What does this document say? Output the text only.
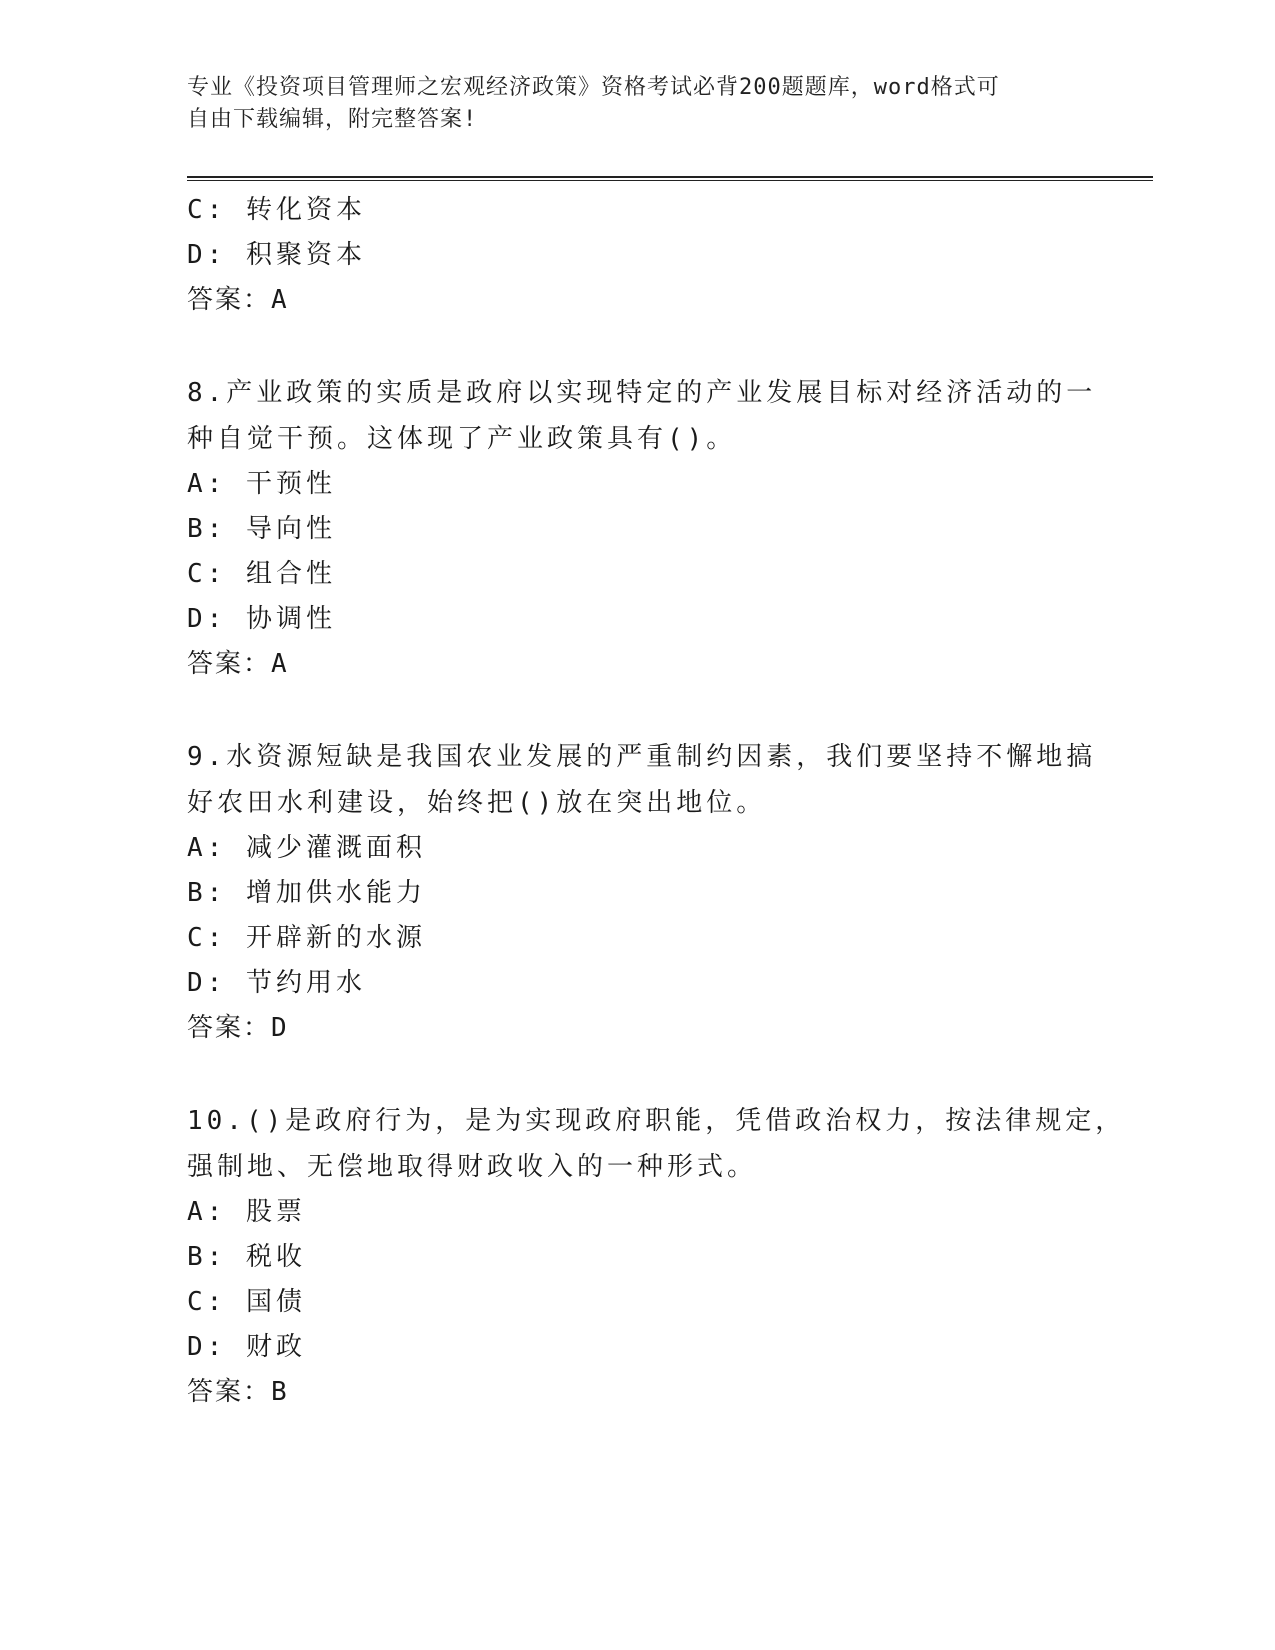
专业《投资项目管理师之宏观经济政策》资格考试必背200题题库，word格式可
自由下载编辑，附完整答案!
C: 转化资本
D: 积聚资本
答案：A
8.产业政策的实质是政府以实现特定的产业发展目标对经济活动的一
种自觉干预。这体现了产业政策具有()。
A: 干预性
B: 导向性
C: 组合性
D: 协调性
答案：A
9.水资源短缺是我国农业发展的严重制约因素，我们要坚持不懈地搞
好农田水利建设，始终把()放在突出地位。
A: 减少灌溉面积
B: 增加供水能力
C: 开辟新的水源
D: 节约用水
答案：D
10.()是政府行为，是为实现政府职能，凭借政治权力，按法律规定，
强制地、无偿地取得财政收入的一种形式。
A: 股票
B: 税收
C: 国债
D: 财政
答案：B
